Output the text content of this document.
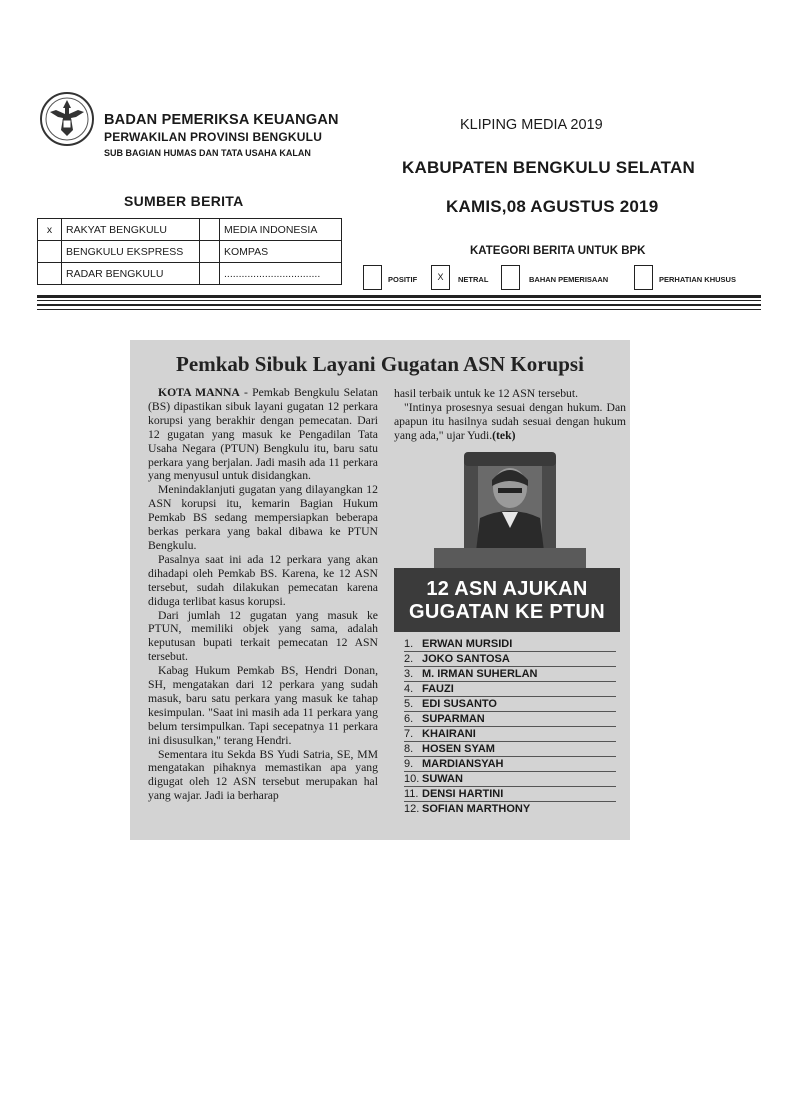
BADAN PEMERIKSA KEUANGAN
PERWAKILAN PROVINSI BENGKULU
SUB BAGIAN HUMAS DAN TATA USAHA KALAN
KLIPING MEDIA 2019
KABUPATEN BENGKULU SELATAN
KAMIS,08 AGUSTUS 2019
SUMBER BERITA
x	RAKYAT BENGKULU		MEDIA INDONESIA
	BENGKULU EKSPRESS		KOMPAS
	RADAR BENGKULU		.................................
KATEGORI BERITA UNTUK BPK
POSITIF	X	NETRAL	BAHAN PEMERISAAN	PERHATIAN KHUSUS
Pemkab Sibuk Layani Gugatan ASN Korupsi

KOTA MANNA - Pemkab Bengkulu Selatan (BS) dipastikan sibuk layani gugatan 12 perkara korupsi yang berakhir dengan pemecatan. Dari 12 gugatan yang masuk ke Pengadilan Tata Usaha Negara (PTUN) Bengkulu itu, baru satu perkara yang berjalan. Jadi masih ada 11 perkara yang menyusul untuk disidangkan.

Menindaklanjuti gugatan yang dilayangkan 12 ASN korupsi itu, kemarin Bagian Hukum Pemkab BS sedang mempersiapkan beberapa berkas perkara yang bakal dibawa ke PTUN Bengkulu.

Pasalnya saat ini ada 12 perkara yang akan dihadapi oleh Pemkab BS. Karena, ke 12 ASN tersebut, sudah dilakukan pemecatan karena diduga terlibat kasus korupsi.

Dari jumlah 12 gugatan yang masuk ke PTUN, memiliki objek yang sama, adalah keputusan bupati terkait pemecatan 12 ASN tersebut.

Kabag Hukum Pemkab BS, Hendri Donan, SH, mengatakan dari 12 perkara yang sudah masuk, baru satu perkara yang masuk ke tahap kesimpulan. "Saat ini masih ada 11 perkara yang belum tersimpulkan. Tapi secepatnya 11 perkara ini disusulkan," terang Hendri.

Sementara itu Sekda BS Yudi Satria, SE, MM mengatakan pihaknya memastikan apa yang digugat oleh 12 ASN tersebut merupakan hal yang wajar. Jadi ia berharap

hasil terbaik untuk ke 12 ASN tersebut.

"Intinya prosesnya sesuai dengan hukum. Dan apapun itu hasilnya sudah sesuai dengan hukum yang ada," ujar Yudi.(tek)

12 ASN AJUKAN
GUGATAN KE PTUN
1. ERWAN MURSIDI
2. JOKO SANTOSA
3. M. IRMAN SUHERLAN
4. FAUZI
5. EDI SUSANTO
6. SUPARMAN
7. KHAIRANI
8. HOSEN SYAM
9. MARDIANSYAH
10. SUWAN
11. DENSI HARTINI
12. SOFIAN MARTHONY
